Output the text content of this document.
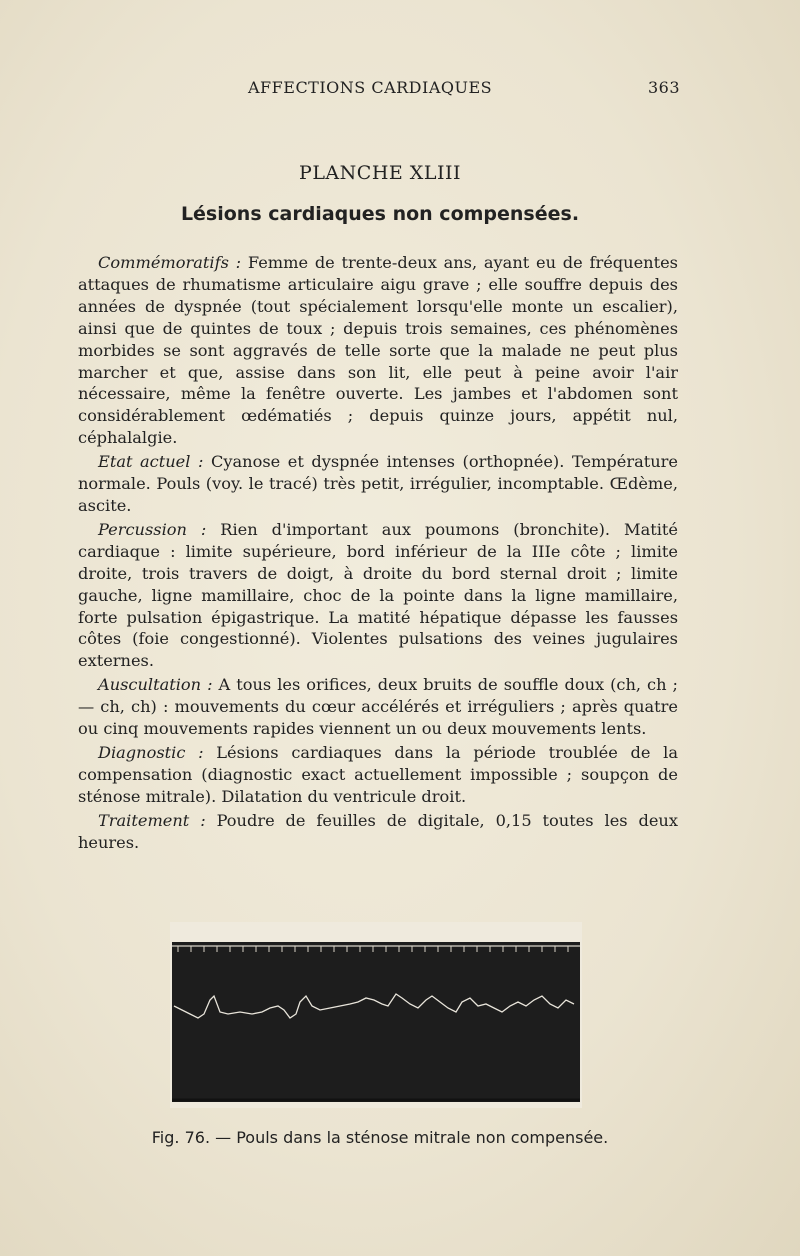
AFFECTIONS CARDIAQUES	363
PLANCHE XLIII
Lésions cardiaques non compensées.

Commémoratifs : Femme de trente-deux ans, ayant eu de fréquentes attaques de rhumatisme articulaire aigu grave ; elle souffre depuis des années de dyspnée (tout spécialement lorsqu'elle monte un escalier), ainsi que de quintes de toux ; depuis trois semaines, ces phénomènes morbides se sont aggravés de telle sorte que la malade ne peut plus marcher et que, assise dans son lit, elle peut à peine avoir l'air nécessaire, même la fenêtre ouverte. Les jambes et l'abdomen sont considérablement œdématiés ; depuis quinze jours, appétit nul, céphalalgie.

Etat actuel : Cyanose et dyspnée intenses (orthopnée). Température normale. Pouls (voy. le tracé) très petit, irrégulier, incomptable. Œdème, ascite.

Percussion : Rien d'important aux poumons (bronchite). Matité cardiaque : limite supérieure, bord inférieur de la IIIe côte ; limite droite, trois travers de doigt, à droite du bord sternal droit ; limite gauche, ligne mamillaire, choc de la pointe dans la ligne mamillaire, forte pulsation épigastrique. La matité hépatique dépasse les fausses côtes (foie congestionné). Violentes pulsations des veines jugulaires externes.

Auscultation : A tous les orifices, deux bruits de souffle doux (ch, ch ; — ch, ch) : mouvements du cœur accélérés et irréguliers ; après quatre ou cinq mouvements rapides viennent un ou deux mouvements lents.

Diagnostic : Lésions cardiaques dans la période troublée de la compensation (diagnostic exact actuellement impossible ; soupçon de sténose mitrale). Dilatation du ventricule droit.

Traitement : Poudre de feuilles de digitale, 0,15 toutes les deux heures.

Fig. 76. — Pouls dans la sténose mitrale non compensée.
